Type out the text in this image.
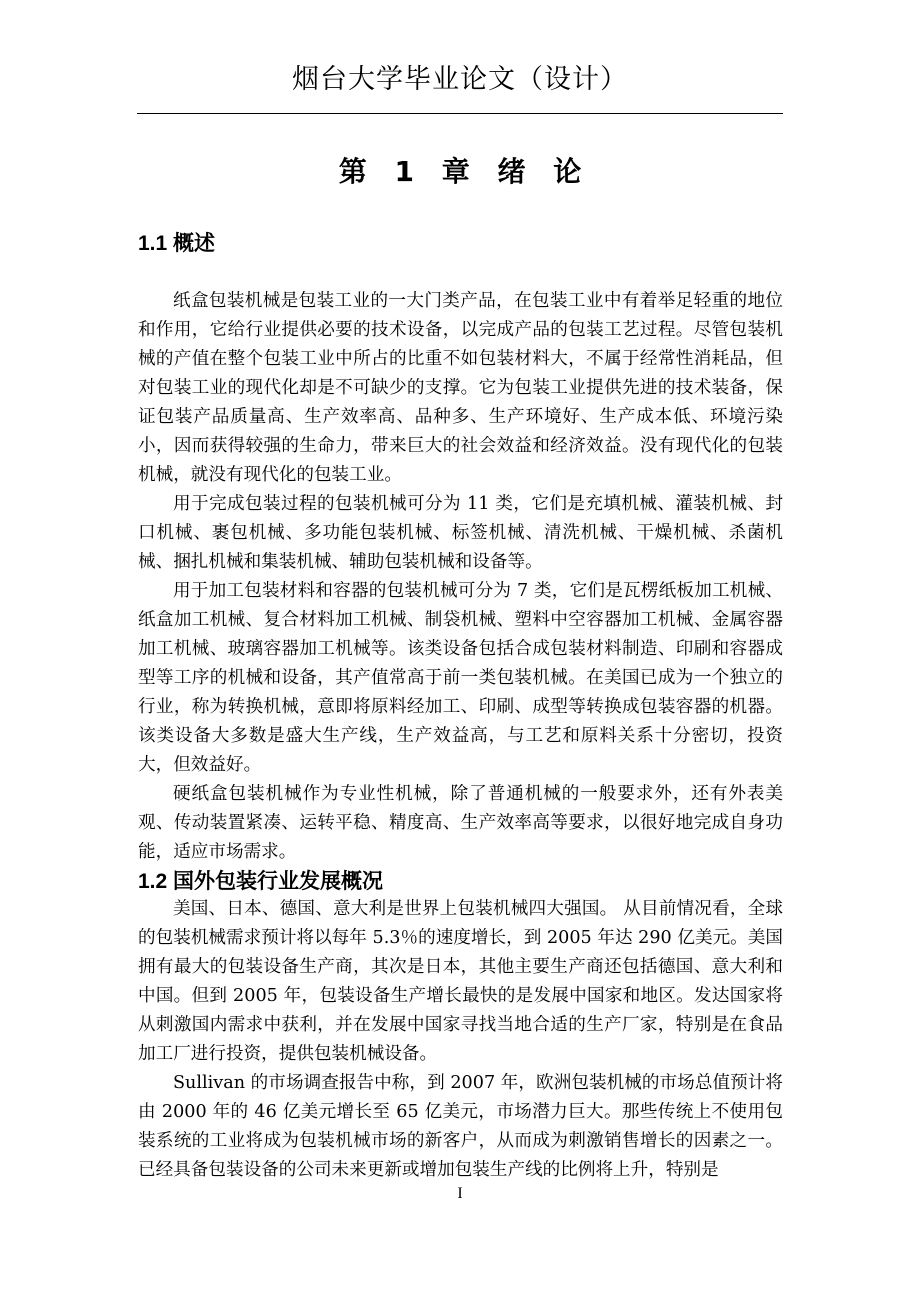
烟台大学毕业论文（设计）
第 1 章 绪 论
1.1 概述

纸盒包装机械是包装工业的一大门类产品，在包装工业中有着举足轻重的地位和作用，它给行业提供必要的技术设备，以完成产品的包装工艺过程。尽管包装机械的产值在整个包装工业中所占的比重不如包装材料大，不属于经常性消耗品，但对包装工业的现代化却是不可缺少的支撑。它为包装工业提供先进的技术装备，保证包装产品质量高、生产效率高、品种多、生产环境好、生产成本低、环境污染小，因而获得较强的生命力，带来巨大的社会效益和经济效益。没有现代化的包装机械，就没有现代化的包装工业。

用于完成包装过程的包装机械可分为 11 类，它们是充填机械、灌装机械、封口机械、裹包机械、多功能包装机械、标签机械、清洗机械、干燥机械、杀菌机械、捆扎机械和集装机械、辅助包装机械和设备等。

用于加工包装材料和容器的包装机械可分为 7 类，它们是瓦楞纸板加工机械、纸盒加工机械、复合材料加工机械、制袋机械、塑料中空容器加工机械、金属容器加工机械、玻璃容器加工机械等。该类设备包括合成包装材料制造、印刷和容器成型等工序的机械和设备，其产值常高于前一类包装机械。在美国已成为一个独立的行业，称为转换机械，意即将原料经加工、印刷、成型等转换成包装容器的机器。该类设备大多数是盛大生产线，生产效益高，与工艺和原料关系十分密切，投资大，但效益好。

硬纸盒包装机械作为专业性机械，除了普通机械的一般要求外，还有外表美观、传动装置紧凑、运转平稳、精度高、生产效率高等要求，以很好地完成自身功能，适应市场需求。

1.2 国外包装行业发展概况

美国、日本、德国、意大利是世界上包装机械四大强国。 从目前情况看，全球的包装机械需求预计将以每年 5.3％的速度增长，到 2005 年达 290 亿美元。美国拥有最大的包装设备生产商，其次是日本，其他主要生产商还包括德国、意大利和中国。但到 2005 年，包装设备生产增长最快的是发展中国家和地区。发达国家将从刺激国内需求中获利，并在发展中国家寻找当地合适的生产厂家，特别是在食品加工厂进行投资，提供包装机械设备。

Sullivan 的市场调查报告中称，到 2007 年，欧洲包装机械的市场总值预计将由 2000 年的 46 亿美元增长至 65 亿美元，市场潜力巨大。那些传统上不使用包装系统的工业将成为包装机械市场的新客户，从而成为刺激销售增长的因素之一。已经具备包装设备的公司未来更新或增加包装生产线的比例将上升，特别是

I
